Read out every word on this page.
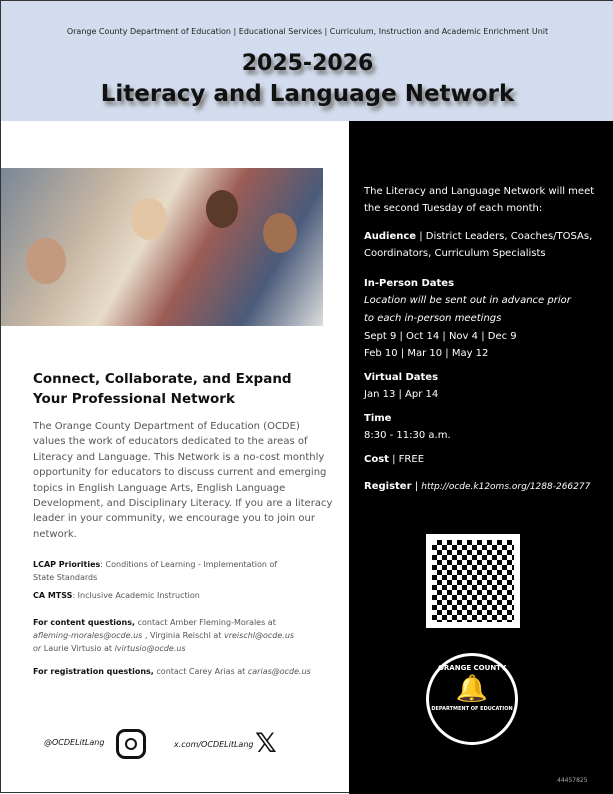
Orange County Department of Education | Educational Services | Curriculum, Instruction and Academic Enrichment Unit
2025-2026
Literacy and Language Network
Connect, Collaborate, and Expand
Your Professional Network

The Orange County Department of Education (OCDE) values the work of educators dedicated to the areas of Literacy and Language. This Network is a no-cost monthly opportunity for educators to discuss current and emerging topics in English Language Arts, English Language Development, and Disciplinary Literacy. If you are a literacy leader in your community, we encourage you to join our network.

LCAP Priorities: Conditions of Learning - Implementation of State Standards

CA MTSS: Inclusive Academic Instruction

For content questions, contact Amber Fleming-Morales at
afleming-morales@ocde.us , Virginia Reischl at vreischl@ocde.us
or Laurie Virtusio at lvirtusio@ocde.us

For registration questions, contact Carey Arias at carias@ocde.us

@OCDELitLang	x.com/OCDELitLang 𝕏
The Literacy and Language Network will meet the second Tuesday of each month:
Audience | District Leaders, Coaches/TOSAs, Coordinators, Curriculum Specialists
In-Person Dates

Location will be sent out in advance prior to each in-person meetings
Sept 9 | Oct 14 | Nov 4 | Dec 9
Feb 10 | Mar 10 | May 12
Virtual Dates
Jan 13 | Apr 14
Time
8:30 - 11:30 a.m.
Cost | FREE
Register | http://ocde.k12oms.org/1288-266277
44457825
ORANGE COUNTY
🔔
DEPARTMENT OF EDUCATION
